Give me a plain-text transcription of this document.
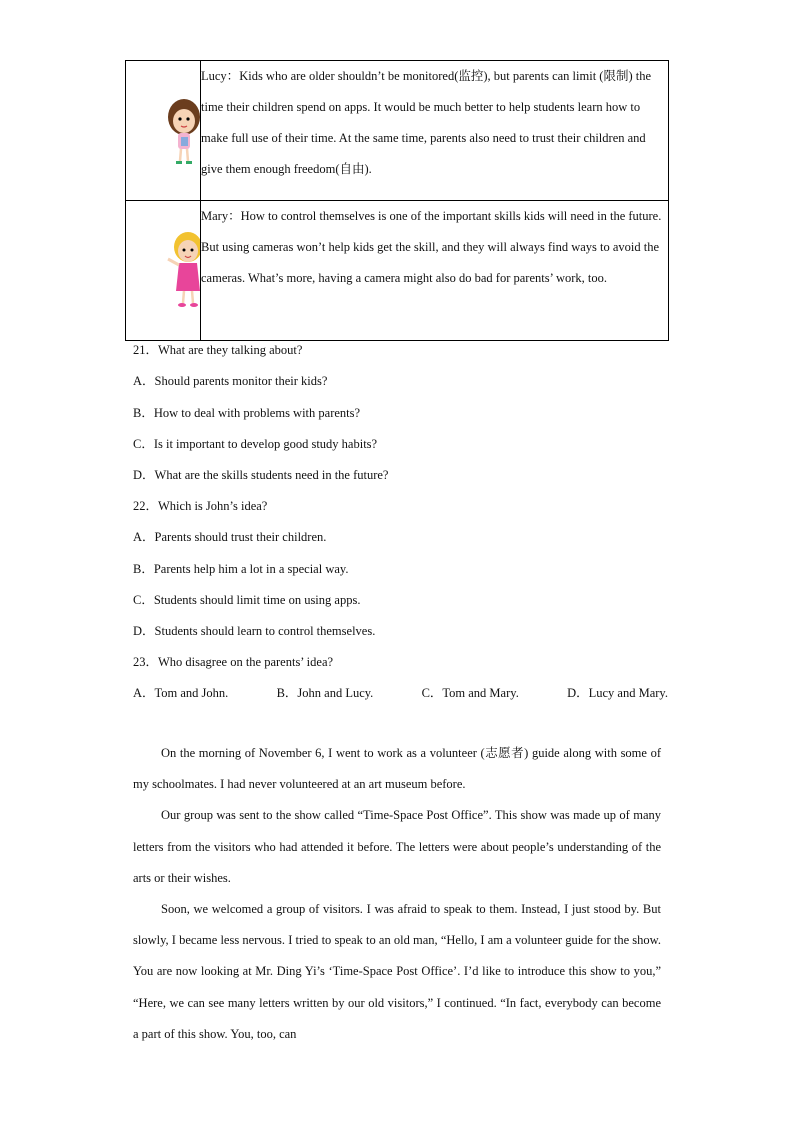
	Lucy：Kids who are older shouldn’t be monitored(监控), but parents can limit (限制) the time their children spend on apps. It would be much better to help students learn how to make full use of their time. At the same time, parents also need to trust their children and give them enough freedom(自由).
	Mary：How to control themselves is one of the important skills kids will need in the future. But using cameras won’t help kids get the skill, and they will always find ways to avoid the cameras. What’s more, having a camera might also do bad for parents’ work, too.
21．What are they talking about?
A．Should parents monitor their kids?
B．How to deal with problems with parents?
C．Is it important to develop good study habits?
D．What are the skills students need in the future?
22．Which is John’s idea?
A．Parents should trust their children.
B．Parents help him a lot in a special way.
C．Students should limit time on using apps.
D．Students should learn to control themselves.
23．Who disagree on the parents’ idea?
A．Tom and John.	B．John and Lucy.	C．Tom and Mary.	D．Lucy and Mary.

On the morning of November 6, I went to work as a volunteer (志愿者) guide along with some of my schoolmates. I had never volunteered at an art museum before.

Our group was sent to the show called “Time-Space Post Office”. This show was made up of many letters from the visitors who had attended it before. The letters were about people’s understanding of the arts or their wishes.

Soon, we welcomed a group of visitors. I was afraid to speak to them. Instead, I just stood by. But slowly, I became less nervous. I tried to speak to an old man, “Hello, I am a volunteer guide for the show. You are now looking at Mr. Ding Yi’s ‘Time-Space Post Office’. I’d like to introduce this show to you,” “Here, we can see many letters written by our old visitors,” I continued. “In fact, everybody can become a part of this show. You, too, can
